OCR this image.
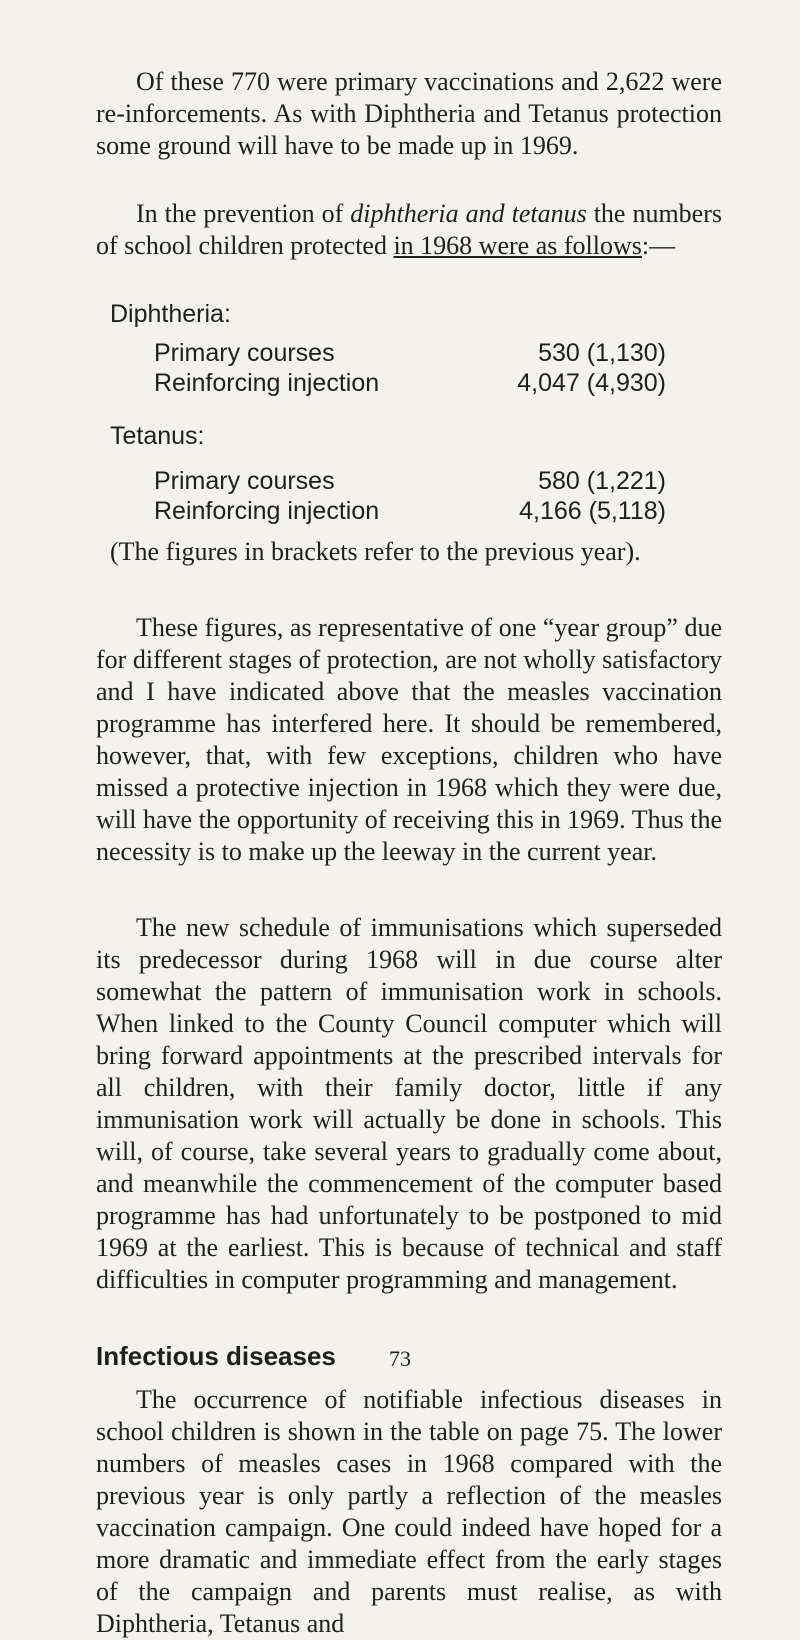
Of these 770 were primary vaccinations and 2,622 were re-inforcements. As with Diphtheria and Tetanus protection some ground will have to be made up in 1969.

In the prevention of diphtheria and tetanus the numbers of school children protected in 1968 were as follows:—

Diphtheria:
Primary courses	530 (1,130)
Reinforcing injection	4,047 (4,930)
Tetanus:
Primary courses	580 (1,221)
Reinforcing injection	4,166 (5,118)

(The figures in brackets refer to the previous year).

These figures, as representative of one “year group” due for different stages of protection, are not wholly satisfactory and I have indicated above that the measles vaccination programme has interfered here. It should be remembered, however, that, with few exceptions, children who have missed a protective injection in 1968 which they were due, will have the opportunity of receiving this in 1969. Thus the necessity is to make up the leeway in the current year.

The new schedule of immunisations which superseded its predecessor during 1968 will in due course alter somewhat the pattern of immunisation work in schools. When linked to the County Council computer which will bring forward appointments at the prescribed intervals for all children, with their family doctor, little if any immunisation work will actually be done in schools. This will, of course, take several years to gradually come about, and meanwhile the commencement of the computer based programme has had unfortunately to be postponed to mid 1969 at the earliest. This is because of technical and staff difficulties in computer programming and management.

Infectious diseases

The occurrence of notifiable infectious diseases in school children is shown in the table on page 75. The lower numbers of measles cases in 1968 compared with the previous year is only partly a reflection of the measles vaccination campaign. One could indeed have hoped for a more dramatic and immediate effect from the early stages of the campaign and parents must realise, as with Diphtheria, Tetanus and

73
